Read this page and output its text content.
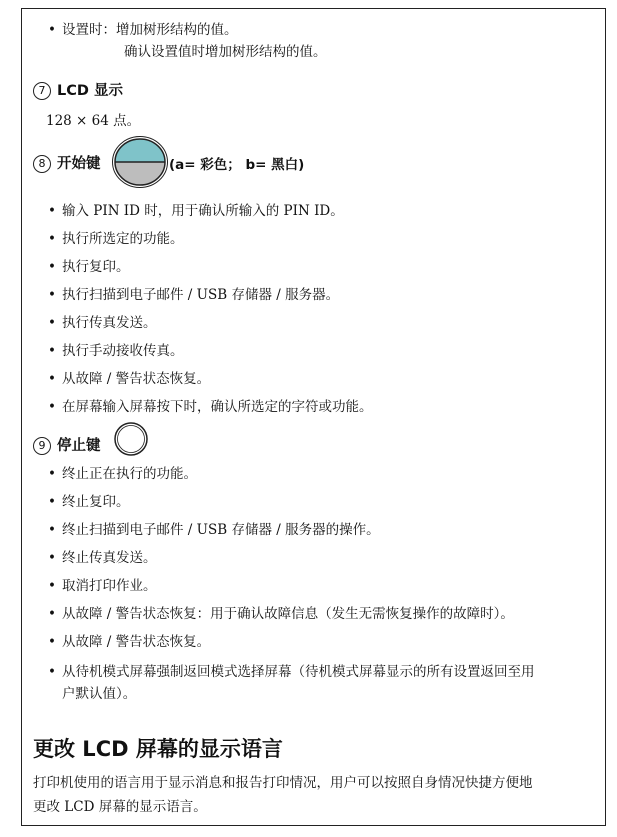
• 设置时：增加树形结构的值。
确认设置值时增加树形结构的值。
7 LCD 显示
128 × 64 点。
8 开始键	(a= 彩色； b= 黑白)
• 输入 PIN ID 时，用于确认所输入的 PIN ID。
• 执行所选定的功能。
• 执行复印。
• 执行扫描到电子邮件 / USB 存储器 / 服务器。
• 执行传真发送。
• 执行手动接收传真。
• 从故障 / 警告状态恢复。
• 在屏幕输入屏幕按下时，确认所选定的字符或功能。
9 停止键
• 终止正在执行的功能。
• 终止复印。
• 终止扫描到电子邮件 / USB 存储器 / 服务器的操作。
• 终止传真发送。
• 取消打印作业。
• 从故障 / 警告状态恢复：用于确认故障信息（发生无需恢复操作的故障时）。
• 从故障 / 警告状态恢复。
• 从待机模式屏幕强制返回模式选择屏幕（待机模式屏幕显示的所有设置返回至用
户默认值）。
更改 LCD 屏幕的显示语言
打印机使用的语言用于显示消息和报告打印情况，用户可以按照自身情况快捷方便地
更改 LCD 屏幕的显示语言。
